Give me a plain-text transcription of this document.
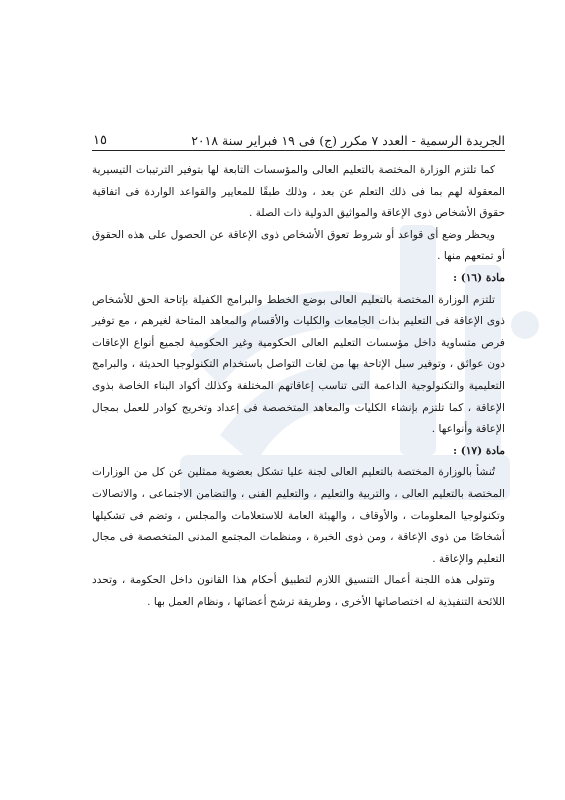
الجريدة الرسمية - العدد ٧ مكرر (ج) فى ١٩ فبراير سنة ٢٠١٨
١٥

كما تلتزم الوزارة المختصة بالتعليم العالى والمؤسسات التابعة لها بتوفير الترتيبات التيسيرية المعقولة لهم بما فى ذلك التعلم عن بعد ، وذلك طبقًا للمعايير والقواعد الواردة فى اتفاقية حقوق الأشخاص ذوى الإعاقة والمواثيق الدولية ذات الصلة .

ويحظر وضع أى قواعد أو شروط تعوق الأشخاص ذوى الإعاقة عن الحصول على هذه الحقوق أو تمتعهم منها .

مادة (١٦) :

تلتزم الوزارة المختصة بالتعليم العالى بوضع الخطط والبرامج الكفيلة بإتاحة الحق للأشخاص ذوى الإعاقة فى التعليم بذات الجامعات والكليات والأقسام والمعاهد المتاحة لغيرهم ، مع توفير فرص متساوية داخل مؤسسات التعليم العالى الحكومية وغير الحكومية لجميع أنواع الإعاقات دون عوائق ، وتوفير سبل الإتاحة بها من لغات التواصل باستخدام التكنولوجيا الحديثة ، والبرامج التعليمية والتكنولوجية الداعمة التى تناسب إعاقاتهم المختلفة وكذلك أكواد البناء الخاصة بذوى الإعاقة ، كما تلتزم بإنشاء الكليات والمعاهد المتخصصة فى إعداد وتخريج كوادر للعمل بمجال الإعاقة وأنواعها .

مادة (١٧) :

تُنشأ بالوزارة المختصة بالتعليم العالى لجنة عليا تشكل بعضوية ممثلين عن كل من الوزارات المختصة بالتعليم العالى ، والتربية والتعليم ، والتعليم الفنى ، والتضامن الاجتماعى ، والاتصالات وتكنولوجيا المعلومات ، والأوقاف ، والهيئة العامة للاستعلامات والمجلس ، وتضم فى تشكيلها أشخاصًا من ذوى الإعاقة ، ومن ذوى الخبرة ، ومنظمات المجتمع المدنى المتخصصة فى مجال التعليم والإعاقة .

وتتولى هذه اللجنة أعمال التنسيق اللازم لتطبيق أحكام هذا القانون داخل الحكومة ، وتحدد اللائحة التنفيذية له اختصاصاتها الأخرى ، وطريقة ترشح أعضائها ، ونظام العمل بها .
